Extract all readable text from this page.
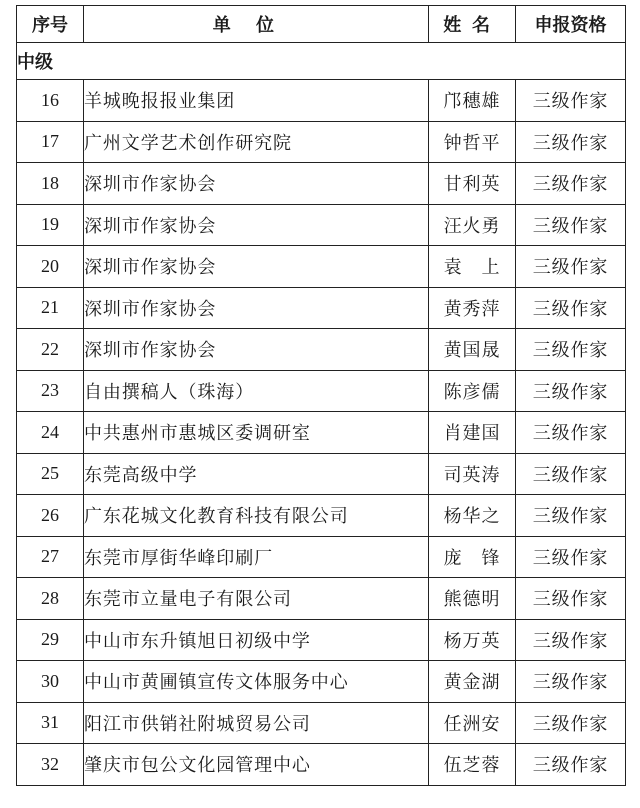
序号	单位	姓名	申报资格
中级			
16	羊城晚报报业集团	邝穗雄	三级作家
17	广州文学艺术创作研究院	钟哲平	三级作家
18	深圳市作家协会	甘利英	三级作家
19	深圳市作家协会	汪火勇	三级作家
20	深圳市作家协会	袁　上	三级作家
21	深圳市作家协会	黄秀萍	三级作家
22	深圳市作家协会	黄国晟	三级作家
23	自由撰稿人（珠海）	陈彦儒	三级作家
24	中共惠州市惠城区委调研室	肖建国	三级作家
25	东莞高级中学	司英涛	三级作家
26	广东花城文化教育科技有限公司	杨华之	三级作家
27	东莞市厚街华峰印刷厂	庞　锋	三级作家
28	东莞市立量电子有限公司	熊德明	三级作家
29	中山市东升镇旭日初级中学	杨万英	三级作家
30	中山市黄圃镇宣传文体服务中心	黄金湖	三级作家
31	阳江市供销社附城贸易公司	任洲安	三级作家
32	肇庆市包公文化园管理中心	伍芝蓉	三级作家
